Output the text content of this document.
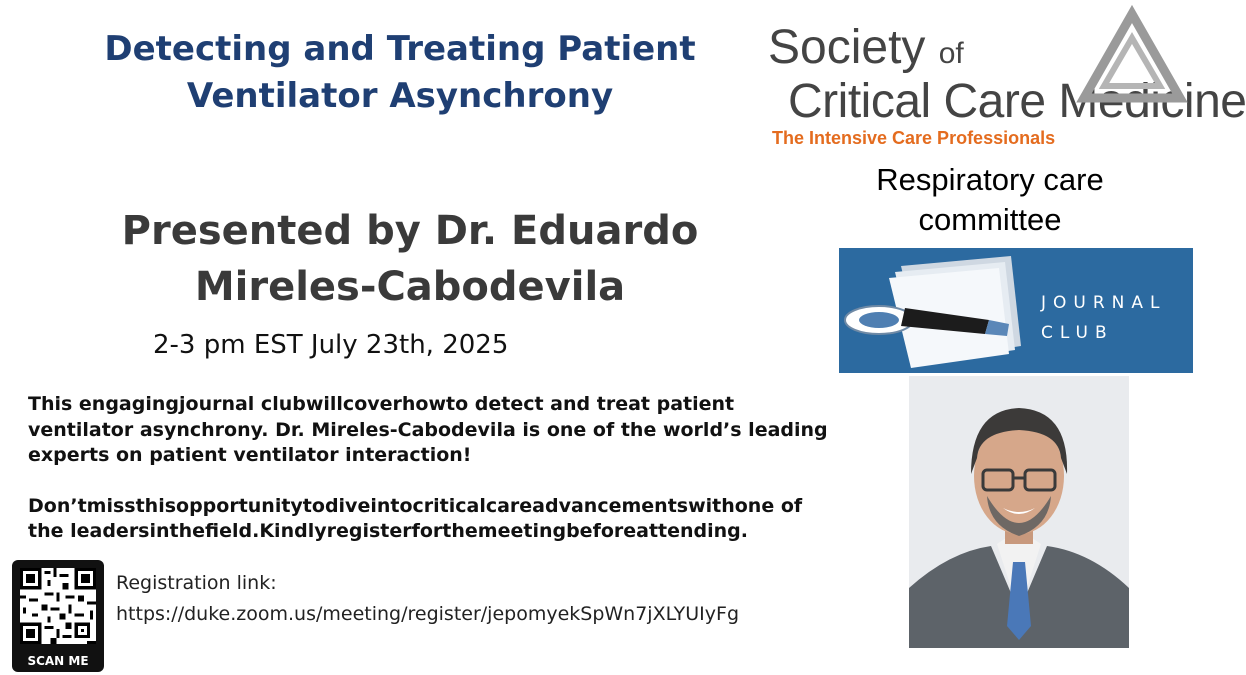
Detecting and Treating Patient
Ventilator Asynchrony
Presented by Dr. Eduardo
Mireles-Cabodevila
2-3 pm EST July 23th, 2025

This engagingjournal clubwillcoverhowto detect and treat patient

ventilator asynchrony. Dr. Mireles-Cabodevila is one of the world’s leading

experts on patient ventilator interaction!

Don’tmissthisopportunitytodiveintocriticalcareadvancementswithone of

the leadersinthefield.Kindlyregisterforthemeetingbeforeattending.

SCAN ME
Registration link:
https://duke.zoom.us/meeting/register/jepomyekSpWn7jXLYUIyFg
Society of
Critical Care Medicine
The Intensive Care Professionals
Respiratory care
committee
JOURNAL
CLUB
